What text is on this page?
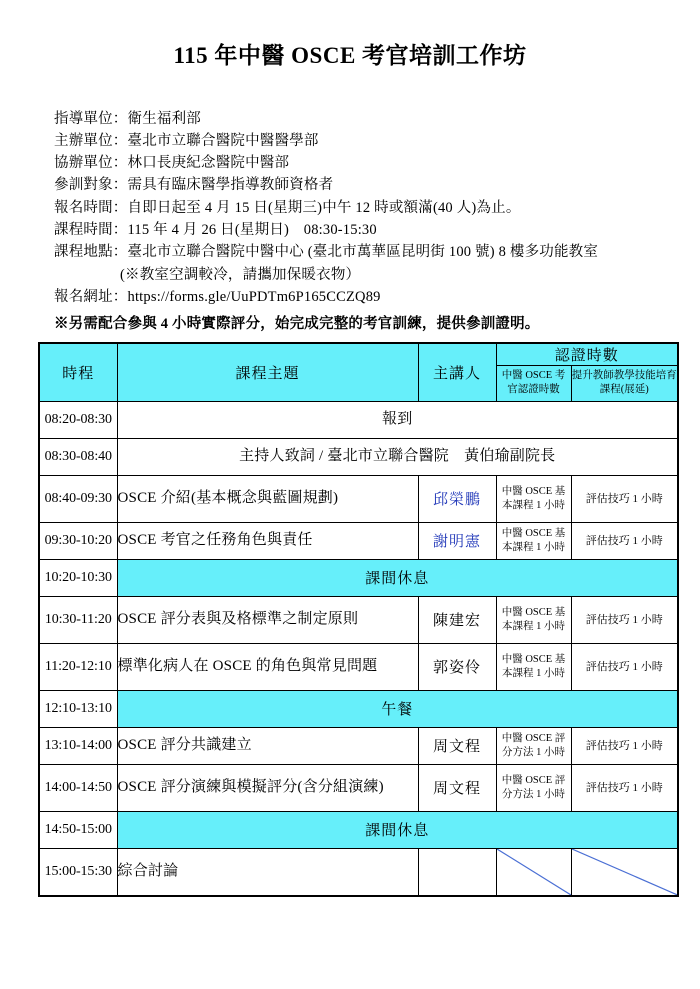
115 年中醫 OSCE 考官培訓工作坊
指導單位：衛生福利部
主辦單位：臺北市立聯合醫院中醫醫學部
協辦單位：林口長庚紀念醫院中醫部
參訓對象：需具有臨床醫學指導教師資格者
報名時間：自即日起至 4 月 15 日(星期三)中午 12 時或額滿(40 人)為止。
課程時間：115 年 4 月 26 日(星期日)　08:30-15:30
課程地點：臺北市立聯合醫院中醫中心 (臺北市萬華區昆明街 100 號) 8 樓多功能教室
(※教室空調較冷，請攜加保暖衣物）
報名網址：https://forms.gle/UuPDTm6P165CCZQ89
※另需配合參與 4 小時實際評分，始完成完整的考官訓練，提供參訓證明。
時程	課程主題	主講人	認證時數	
			中醫 OSCE 考官認證時數	提升教師教學技能培育課程(展延)
08:20-08:30	報到			
08:30-08:40	主持人致詞 / 臺北市立聯合醫院　黃伯瑜副院長			
08:40-09:30	OSCE 介紹(基本概念與藍圖規劃)	邱榮鵬	中醫 OSCE 基本課程 1 小時	評估技巧 1 小時
09:30-10:20	OSCE 考官之任務角色與責任	謝明憲	中醫 OSCE 基本課程 1 小時	評估技巧 1 小時
10:20-10:30	課間休息			
10:30-11:20	OSCE 評分表與及格標準之制定原則	陳建宏	中醫 OSCE 基本課程 1 小時	評估技巧 1 小時
11:20-12:10	標準化病人在 OSCE 的角色與常見問題	郭姿伶	中醫 OSCE 基本課程 1 小時	評估技巧 1 小時
12:10-13:10	午餐			
13:10-14:00	OSCE 評分共識建立	周文程	中醫 OSCE 評分方法 1 小時	評估技巧 1 小時
14:00-14:50	OSCE 評分演練與模擬評分(含分組演練)	周文程	中醫 OSCE 評分方法 1 小時	評估技巧 1 小時
14:50-15:00	課間休息			
15:00-15:30	綜合討論		
